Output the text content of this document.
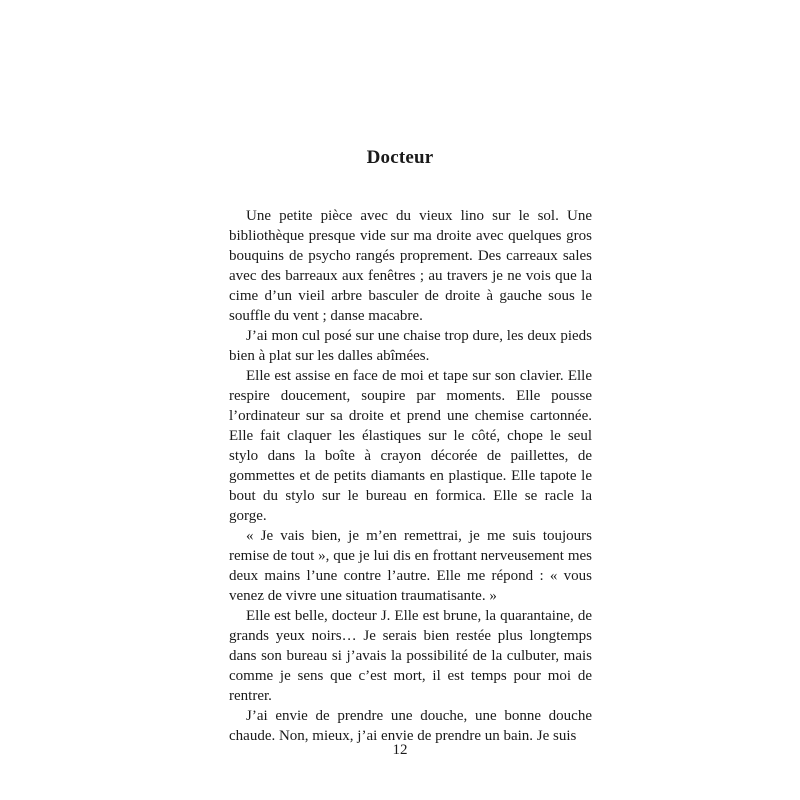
Docteur

Une petite pièce avec du vieux lino sur le sol. Une bibliothèque presque vide sur ma droite avec quelques gros bouquins de psycho rangés proprement. Des carreaux sales avec des barreaux aux fenêtres ; au travers je ne vois que la cime d’un vieil arbre basculer de droite à gauche sous le souffle du vent ; danse macabre.

J’ai mon cul posé sur une chaise trop dure, les deux pieds bien à plat sur les dalles abîmées.

Elle est assise en face de moi et tape sur son clavier. Elle respire doucement, soupire par moments. Elle pousse l’ordinateur sur sa droite et prend une chemise cartonnée. Elle fait claquer les élastiques sur le côté, chope le seul stylo dans la boîte à crayon décorée de paillettes, de gommettes et de petits diamants en plastique. Elle tapote le bout du stylo sur le bureau en formica. Elle se racle la gorge.

« Je vais bien, je m’en remettrai, je me suis toujours remise de tout », que je lui dis en frottant nerveusement mes deux mains l’une contre l’autre. Elle me répond : « vous venez de vivre une situation traumatisante. »

Elle est belle, docteur J. Elle est brune, la quarantaine, de grands yeux noirs… Je serais bien restée plus longtemps dans son bureau si j’avais la possibilité de la culbuter, mais comme je sens que c’est mort, il est temps pour moi de rentrer.

J’ai envie de prendre une douche, une bonne douche chaude. Non, mieux, j’ai envie de prendre un bain. Je suis

12
